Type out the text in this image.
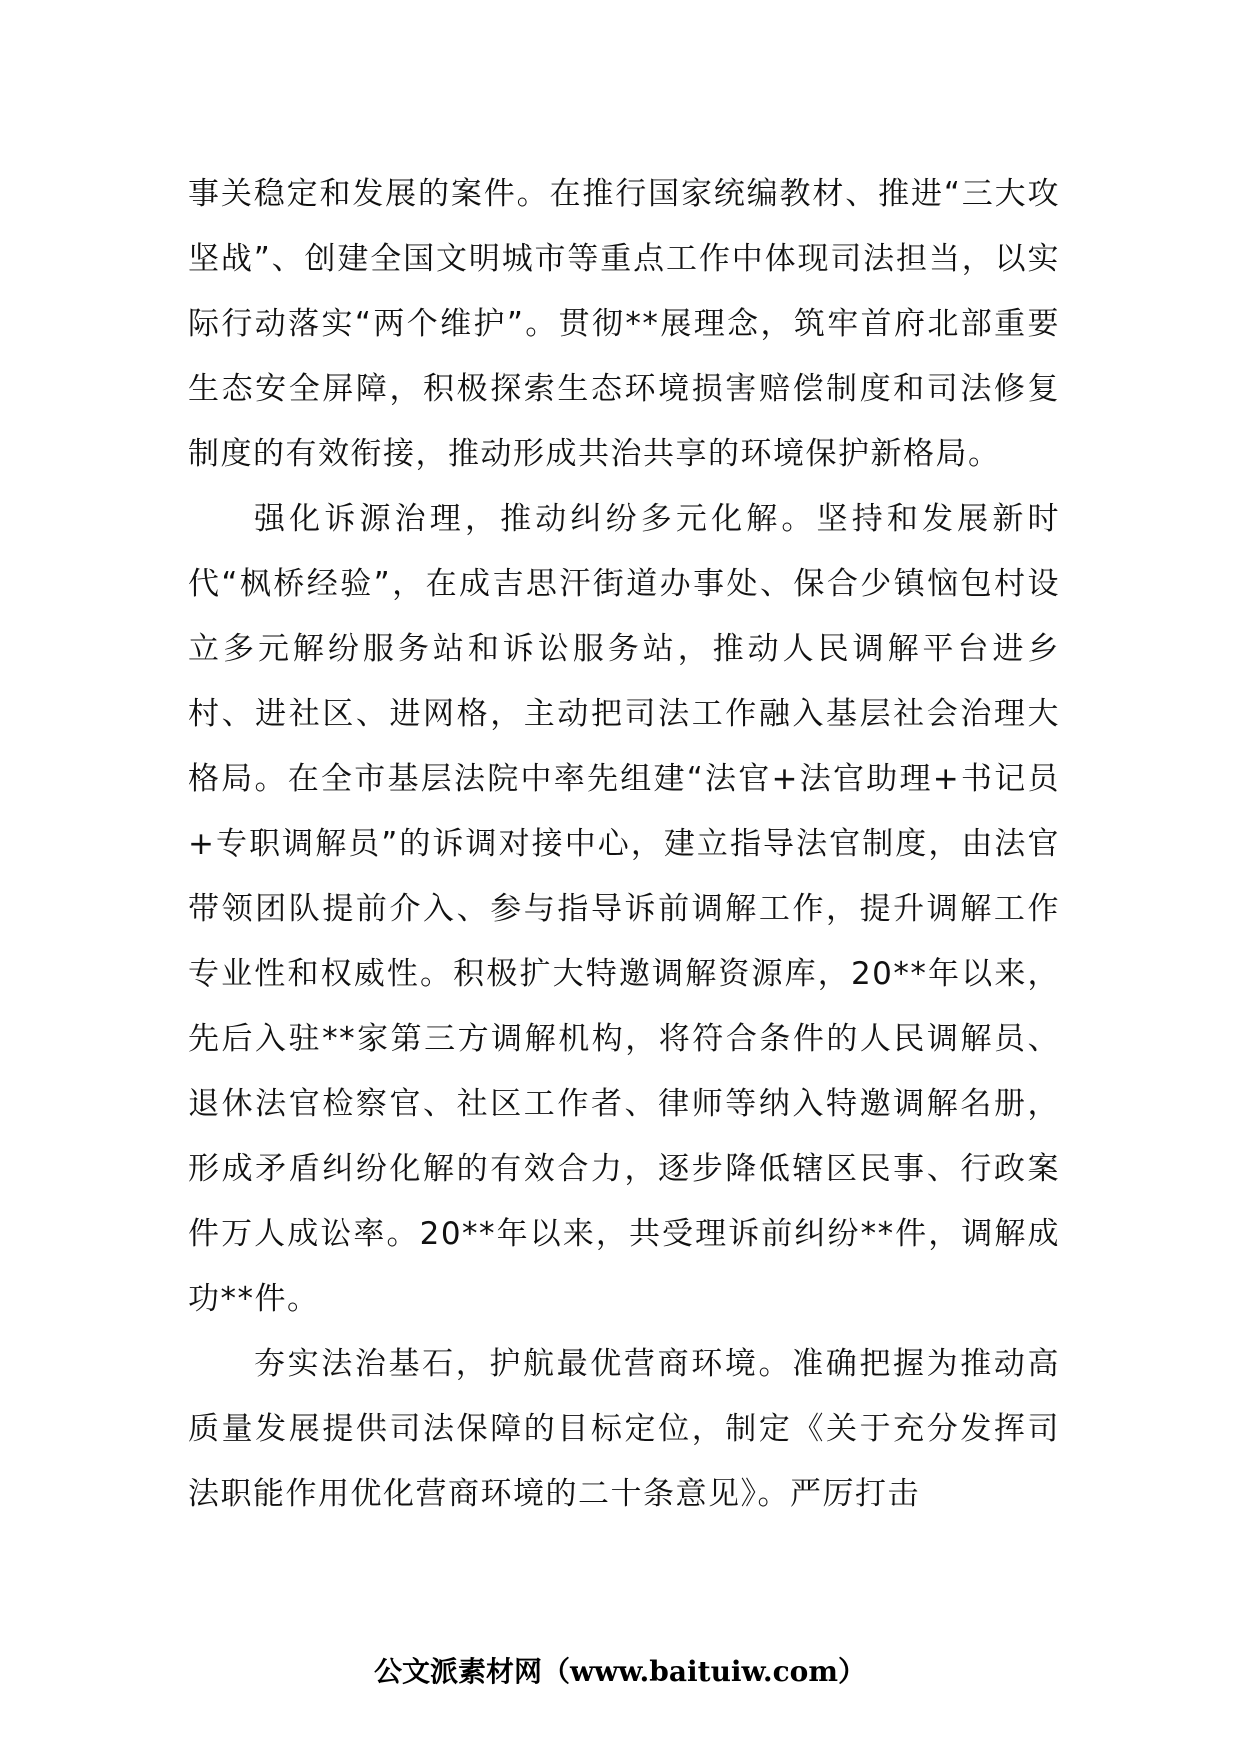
事关稳定和发展的案件。在推行国家统编教材、推进“三大攻坚战”、创建全国文明城市等重点工作中体现司法担当，以实际行动落实“两个维护”。贯彻**展理念，筑牢首府北部重要生态安全屏障，积极探索生态环境损害赔偿制度和司法修复制度的有效衔接，推动形成共治共享的环境保护新格局。

强化诉源治理，推动纠纷多元化解。坚持和发展新时代“枫桥经验”，在成吉思汗街道办事处、保合少镇恼包村设立多元解纷服务站和诉讼服务站，推动人民调解平台进乡村、进社区、进网格，主动把司法工作融入基层社会治理大格局。在全市基层法院中率先组建“法官+法官助理+书记员+专职调解员”的诉调对接中心，建立指导法官制度，由法官带领团队提前介入、参与指导诉前调解工作，提升调解工作专业性和权威性。积极扩大特邀调解资源库，20**年以来，先后入驻**家第三方调解机构，将符合条件的人民调解员、退休法官检察官、社区工作者、律师等纳入特邀调解名册，形成矛盾纠纷化解的有效合力，逐步降低辖区民事、行政案件万人成讼率。20**年以来，共受理诉前纠纷**件，调解成功**件。

夯实法治基石，护航最优营商环境。准确把握为推动高质量发展提供司法保障的目标定位，制定《关于充分发挥司法职能作用优化营商环境的二十条意见》。严厉打击

公文派素材网（www.baituiw.com）
